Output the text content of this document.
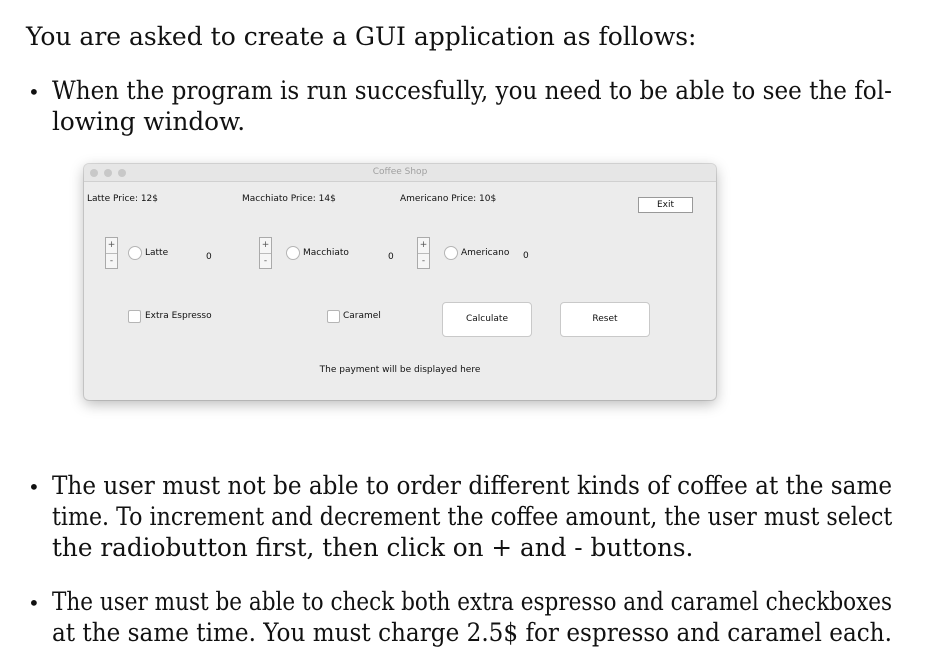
You are asked to create a GUI application as follows:
• When the program is run succesfully, you need to be able to see the fol-
lowing window.
Coffee Shop
Latte Price: 12$	Macchiato Price: 14$	Americano Price: 10$
Exit
+
-
Latte	0
+
-
Macchiato	0
+
-
Americano 0
Extra Espresso	Caramel	Calculate	Reset
The payment will be displayed here
• The user must not be able to order different kinds of coffee at the same
time. To increment and decrement the coffee amount, the user must select
the radiobutton first, then click on + and - buttons.
• The user must be able to check both extra espresso and caramel checkboxes
at the same time. You must charge 2.5$ for espresso and caramel each.
